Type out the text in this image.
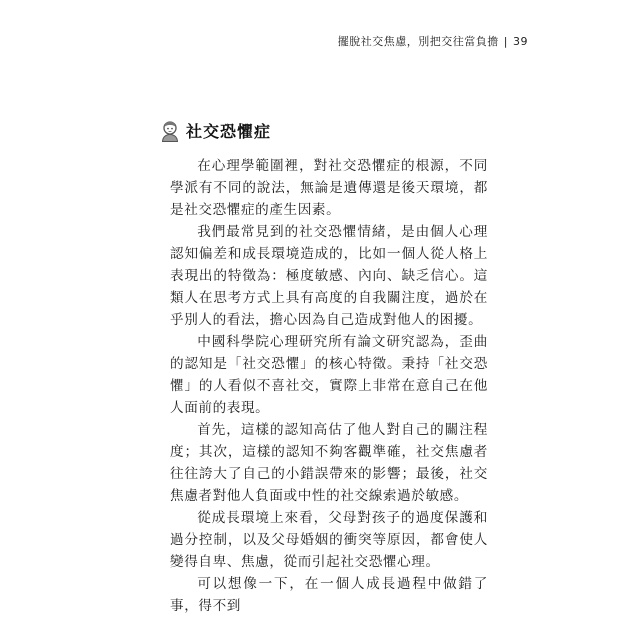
擺脫社交焦慮，別把交往當負擔 | 39
社交恐懼症

在心理學範圍裡，對社交恐懼症的根源，不同學派有不同的說法，無論是遺傳還是後天環境，都是社交恐懼症的產生因素。

我們最常見到的社交恐懼情緒，是由個人心理認知偏差和成長環境造成的，比如一個人從人格上表現出的特徵為：極度敏感、內向、缺乏信心。這類人在思考方式上具有高度的自我關注度，過於在乎別人的看法，擔心因為自己造成對他人的困擾。

中國科學院心理研究所有論文研究認為，歪曲的認知是「社交恐懼」的核心特徵。秉持「社交恐懼」的人看似不喜社交，實際上非常在意自己在他人面前的表現。

首先，這樣的認知高估了他人對自己的關注程度；其次，這樣的認知不夠客觀準確，社交焦慮者往往誇大了自己的小錯誤帶來的影響；最後，社交焦慮者對他人負面或中性的社交線索過於敏感。

從成長環境上來看，父母對孩子的過度保護和過分控制，以及父母婚姻的衝突等原因，都會使人變得自卑、焦慮，從而引起社交恐懼心理。

可以想像一下，在一個人成長過程中做錯了事，得不到
